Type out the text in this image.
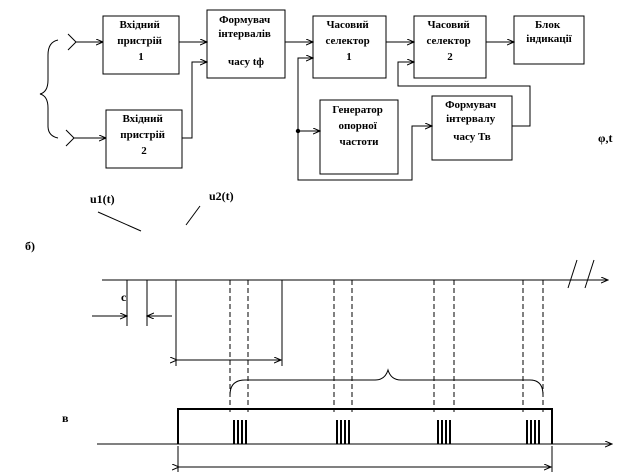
Вхідний пристрій 1
Вхідний пристрій 2
Формувач інтервалів часу tф
Часовий селектор 1
Часовий селектор 2
Блок індикації
Генератор опорної частоти
Формувач інтервалу часу Тв	φ,t
u1(t)	u2(t)
б)
c
в
